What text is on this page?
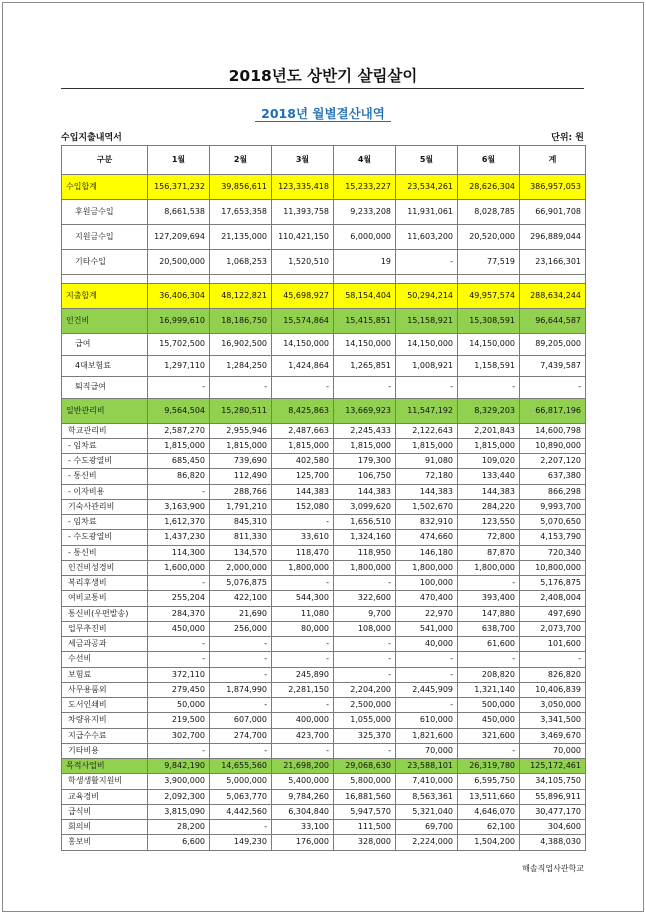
2018년도 상반기 살림살이
2018년 월별결산내역
수입지출내역서	단위: 원
구분	1월	2월	3월	4월	5월	6월	계
수입합계	156,371,232	39,856,611	123,335,418	15,233,227	23,534,261	28,626,304	386,957,053
후원금수입	8,661,538	17,653,358	11,393,758	9,233,208	11,931,061	8,028,785	66,901,708
지원금수입	127,209,694	21,135,000	110,421,150	6,000,000	11,603,200	20,520,000	296,889,044
기타수입	20,500,000	1,068,253	1,520,510	19	-	77,519	23,166,301

지출합계	36,406,304	48,122,821	45,698,927	58,154,404	50,294,214	49,957,574	288,634,244
인건비	16,999,610	18,186,750	15,574,864	15,415,851	15,158,921	15,308,591	96,644,587
급여	15,702,500	16,902,500	14,150,000	14,150,000	14,150,000	14,150,000	89,205,000
4대보험료	1,297,110	1,284,250	1,424,864	1,265,851	1,008,921	1,158,591	7,439,587
퇴직급여	-	-	-	-	-	-	-
일반관리비	9,564,504	15,280,511	8,425,863	13,669,923	11,547,192	8,329,203	66,817,196
학교관리비	2,587,270	2,955,946	2,487,663	2,245,433	2,122,643	2,201,843	14,600,798
- 임차료	1,815,000	1,815,000	1,815,000	1,815,000	1,815,000	1,815,000	10,890,000
- 수도광열비	685,450	739,690	402,580	179,300	91,080	109,020	2,207,120
- 통신비	86,820	112,490	125,700	106,750	72,180	133,440	637,380
- 이자비용	-	288,766	144,383	144,383	144,383	144,383	866,298
기숙사관리비	3,163,900	1,791,210	152,080	3,099,620	1,502,670	284,220	9,993,700
- 임차료	1,612,370	845,310	-	1,656,510	832,910	123,550	5,070,650
- 수도광열비	1,437,230	811,330	33,610	1,324,160	474,660	72,800	4,153,790
- 통신비	114,300	134,570	118,470	118,950	146,180	87,870	720,340
인건비성경비	1,600,000	2,000,000	1,800,000	1,800,000	1,800,000	1,800,000	10,800,000
복리후생비	-	5,076,875	-	-	100,000	-	5,176,875
여비교통비	255,204	422,100	544,300	322,600	470,400	393,400	2,408,004
통신비(우편발송)	284,370	21,690	11,080	9,700	22,970	147,880	497,690
업무추진비	450,000	256,000	80,000	108,000	541,000	638,700	2,073,700
세금과공과	-	-	-	-	40,000	61,600	101,600
수선비	-	-	-	-	-	-	-
보험료	372,110	-	245,890	-	-	208,820	826,820
사무용품외	279,450	1,874,990	2,281,150	2,204,200	2,445,909	1,321,140	10,406,839
도서인쇄비	50,000	-	-	2,500,000	-	500,000	3,050,000
차량유지비	219,500	607,000	400,000	1,055,000	610,000	450,000	3,341,500
지급수수료	302,700	274,700	423,700	325,370	1,821,600	321,600	3,469,670
기타비용	-	-	-	-	70,000	-	70,000
목적사업비	9,842,190	14,655,560	21,698,200	29,068,630	23,588,101	26,319,780	125,172,461
학생생활지원비	3,900,000	5,000,000	5,400,000	5,800,000	7,410,000	6,595,750	34,105,750
교육경비	2,092,300	5,063,770	9,784,260	16,881,560	8,563,361	13,511,660	55,896,911
급식비	3,815,090	4,442,560	6,304,840	5,947,570	5,321,040	4,646,070	30,477,170
회의비	28,200	-	33,100	111,500	69,700	62,100	304,600
홍보비	6,600	149,230	176,000	328,000	2,224,000	1,504,200	4,388,030
해솔직업사관학교
